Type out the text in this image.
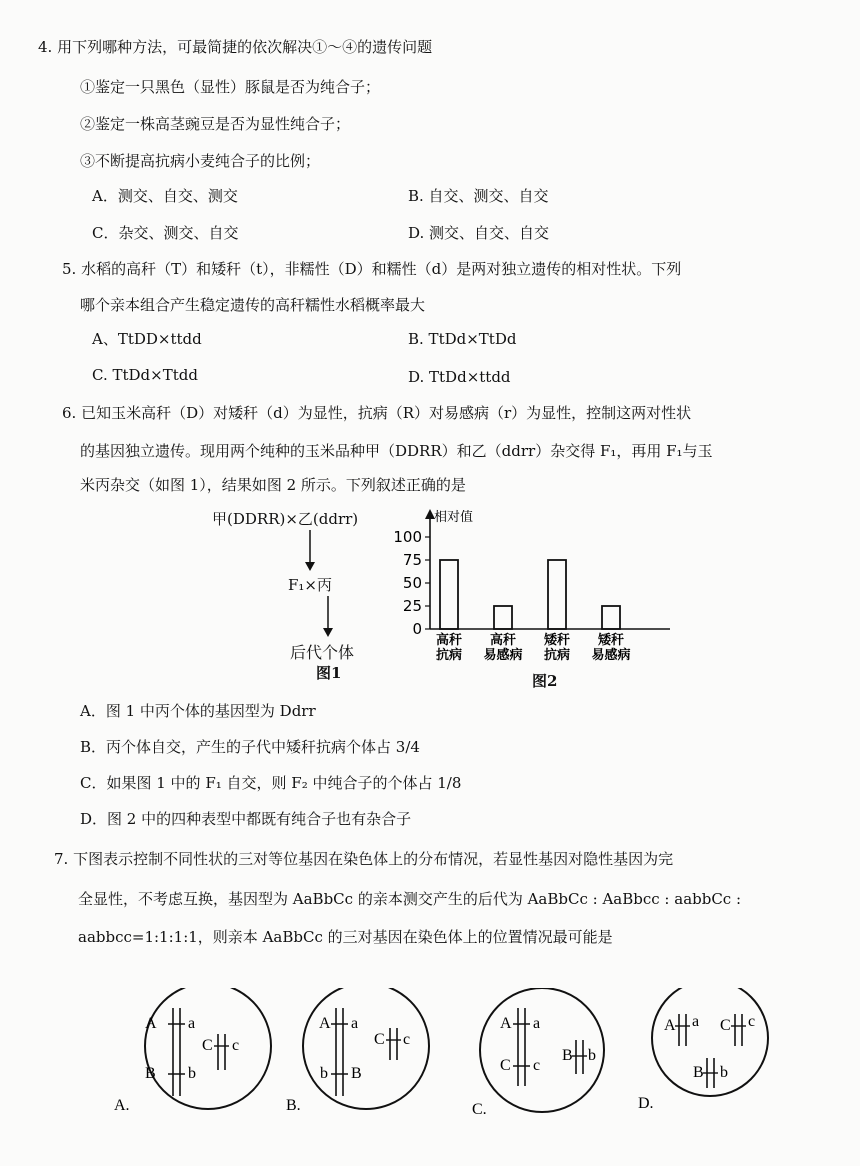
4. 用下列哪种方法，可最简捷的依次解决①～④的遗传问题
①鉴定一只黑色（显性）豚鼠是否为纯合子；
②鉴定一株高茎豌豆是否为显性纯合子；
③不断提高抗病小麦纯合子的比例；
A．测交、自交、测交	B. 自交、测交、自交
C．杂交、测交、自交	D. 测交、自交、自交
5. 水稻的高秆（T）和矮秆（t），非糯性（D）和糯性（d）是两对独立遗传的相对性状。下列
哪个亲本组合产生稳定遗传的高秆糯性水稻概率最大
A、TtDD×ttdd	B. TtDd×TtDd
C. TtDd×Ttdd	D. TtDd×ttdd
6. 已知玉米高秆（D）对矮秆（d）为显性，抗病（R）对易感病（r）为显性，控制这两对性状
的基因独立遗传。现用两个纯种的玉米品种甲（DDRR）和乙（ddrr）杂交得 F₁，再用 F₁与玉
米丙杂交（如图 1），结果如图 2 所示。下列叙述正确的是
甲(DDRR)×乙(ddrr)
F₁×丙
后代个体
图1
相对值
100
75
50
25
0
高秆
抗病
高秆
易感病
矮秆
抗病
矮秆
易感病
图2
A．图 1 中丙个体的基因型为 Ddrr
B．丙个体自交，产生的子代中矮秆抗病个体占 3/4
C．如果图 1 中的 F₁ 自交，则 F₂ 中纯合子的个体占 1/8
D．图 2 中的四种表型中都既有纯合子也有杂合子
7. 下图表示控制不同性状的三对等位基因在染色体上的分布情况，若显性基因对隐性基因为完
全显性，不考虑互换，基因型为 AaBbCc 的亲本测交产生的后代为 AaBbCc : AaBbcc : aabbCc :
aabbcc=1:1:1:1，则亲本 AaBbCc 的三对基因在染色体上的位置情况最可能是
A a
B b
C c
A.
A a
b B
C c
B.
A a
C c
B b
C.
A a C c
B b
D.
